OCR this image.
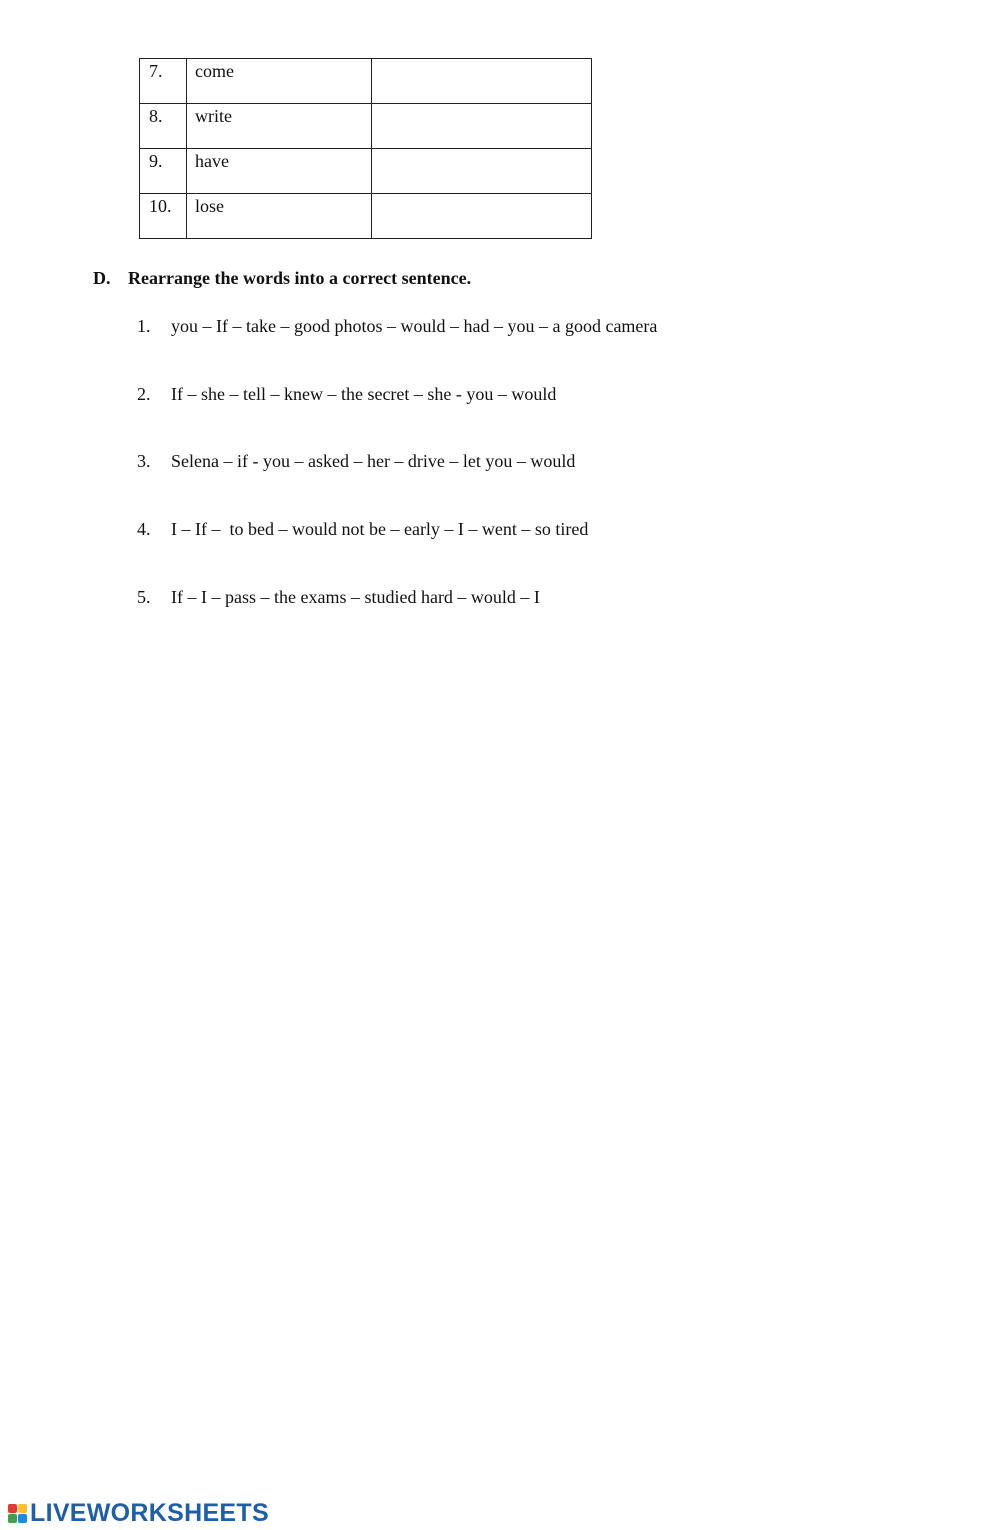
7.	come	
8.	write	
9.	have	
10.	lose	
D. Rearrange the words into a correct sentence.

1. you – If – take – good photos – would – had – you – a good camera

2. If – she – tell – knew – the secret – she - you – would

3. Selena – if - you – asked – her – drive – let you – would

4. I – If –  to bed – would not be – early – I – went – so tired

5. If – I – pass – the exams – studied hard – would – I

LIVEWORKSHEETS
